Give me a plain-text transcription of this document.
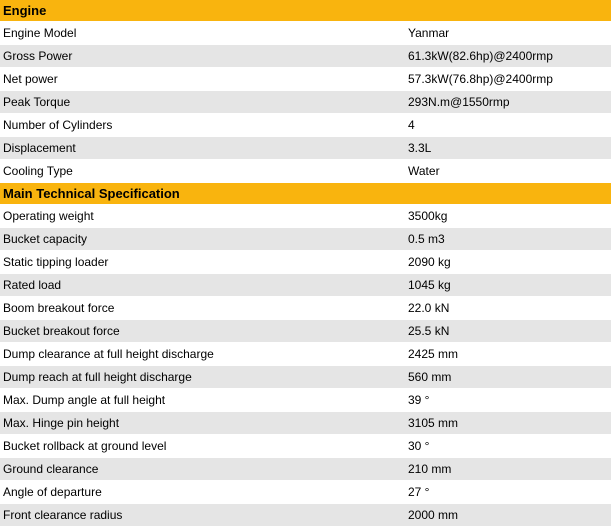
Engine	
Engine Model	Yanmar
Gross Power	61.3kW(82.6hp)@2400rmp
Net power	57.3kW(76.8hp)@2400rmp
Peak Torque	293N.m@1550rmp
Number of Cylinders	4
Displacement	3.3L
Cooling Type	Water
Main Technical Specification	
Operating weight	3500kg
Bucket capacity	0.5 m3
Static tipping loader	2090 kg
Rated load	1045 kg
Boom breakout force	22.0 kN
Bucket breakout force	25.5 kN
Dump clearance at full height discharge	2425 mm
Dump reach at full height discharge	560 mm
Max. Dump angle at full height	39 °
Max. Hinge pin height	3105 mm
Bucket rollback at ground level	30 °
Ground clearance	210 mm
Angle of departure	27 °
Front clearance radius	2000 mm
